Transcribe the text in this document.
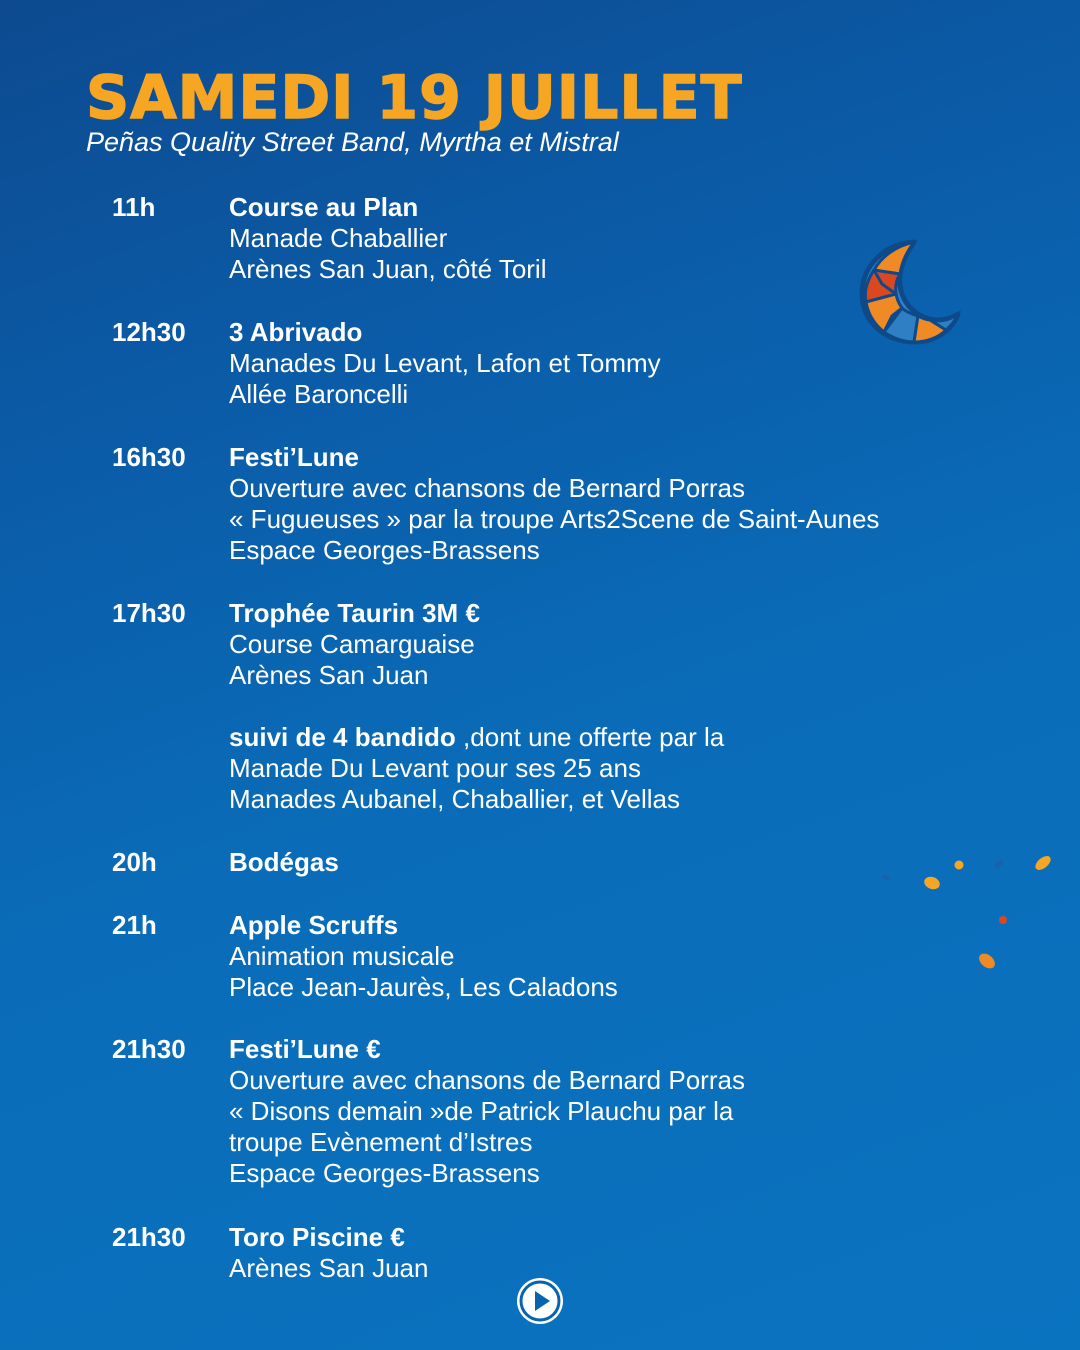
SAMEDI 19 JUILLET
Peñas Quality Street Band, Myrtha et Mistral
11h	Course au Plan
Manade Chaballier
Arènes San Juan, côté Toril
12h30	3 Abrivado
Manades Du Levant, Lafon et Tommy
Allée Baroncelli
16h30	Festi’Lune
Ouverture avec chansons de Bernard Porras
« Fugueuses » par la troupe Arts2Scene de Saint-Aunes
Espace Georges-Brassens
17h30	Trophée Taurin 3M €
Course Camarguaise
Arènes San Juan
suivi de 4 bandido ,dont une offerte par la
Manade Du Levant pour ses 25 ans
Manades Aubanel, Chaballier, et Vellas
20h	Bodégas
21h	Apple Scruffs
Animation musicale
Place Jean-Jaurès, Les Caladons
21h30	Festi’Lune €
Ouverture avec chansons de Bernard Porras
« Disons demain »de Patrick Plauchu par la
troupe Evènement d’Istres
Espace Georges-Brassens
21h30	Toro Piscine €
Arènes San Juan
